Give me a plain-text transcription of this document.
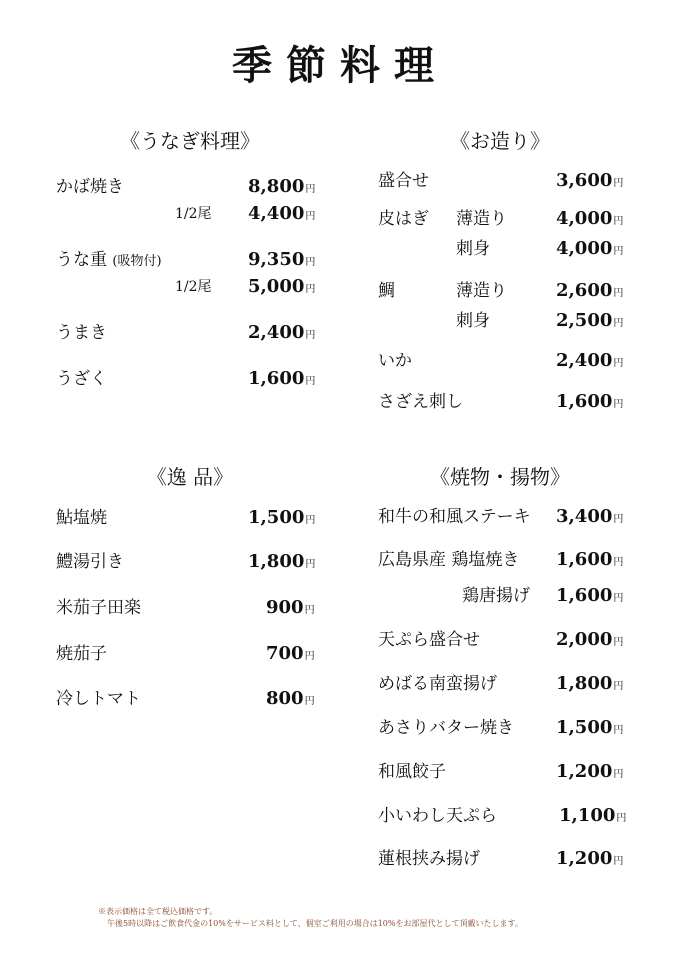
季節料理
《うなぎ料理》	《お造り》
《逸 品》	《焼物・揚物》
かば焼き	8,800円
1/2尾 4,400円
うな重 (吸物付)	9,350円
1/2尾 5,000円
うまき	2,400円
うざく	1,600円
盛合せ	3,600円
皮はぎ 薄造り	4,000円
刺身	4,000円
鯛	薄造り	2,600円
刺身	2,500円
いか	2,400円
さざえ刺し	1,600円
鮎塩焼	1,500円
鱧湯引き	1,800円
米茄子田楽	900円
焼茄子	700円
冷しトマト	800円
和牛の和風ステーキ 3,400円
広島県産 鶏塩焼き 1,600円
鶏唐揚げ 1,600円
天ぷら盛合せ	2,000円
めばる南蛮揚げ	1,800円
あさりバター焼き 1,500円
和風餃子	1,200円
小いわし天ぷら	1,100円
蓮根挟み揚げ	1,200円
※表示価格は全て税込価格です。
午後5時以降はご飲食代金の10%をサービス料として、個室ご利用の場合は10%をお部屋代として頂戴いたします。
